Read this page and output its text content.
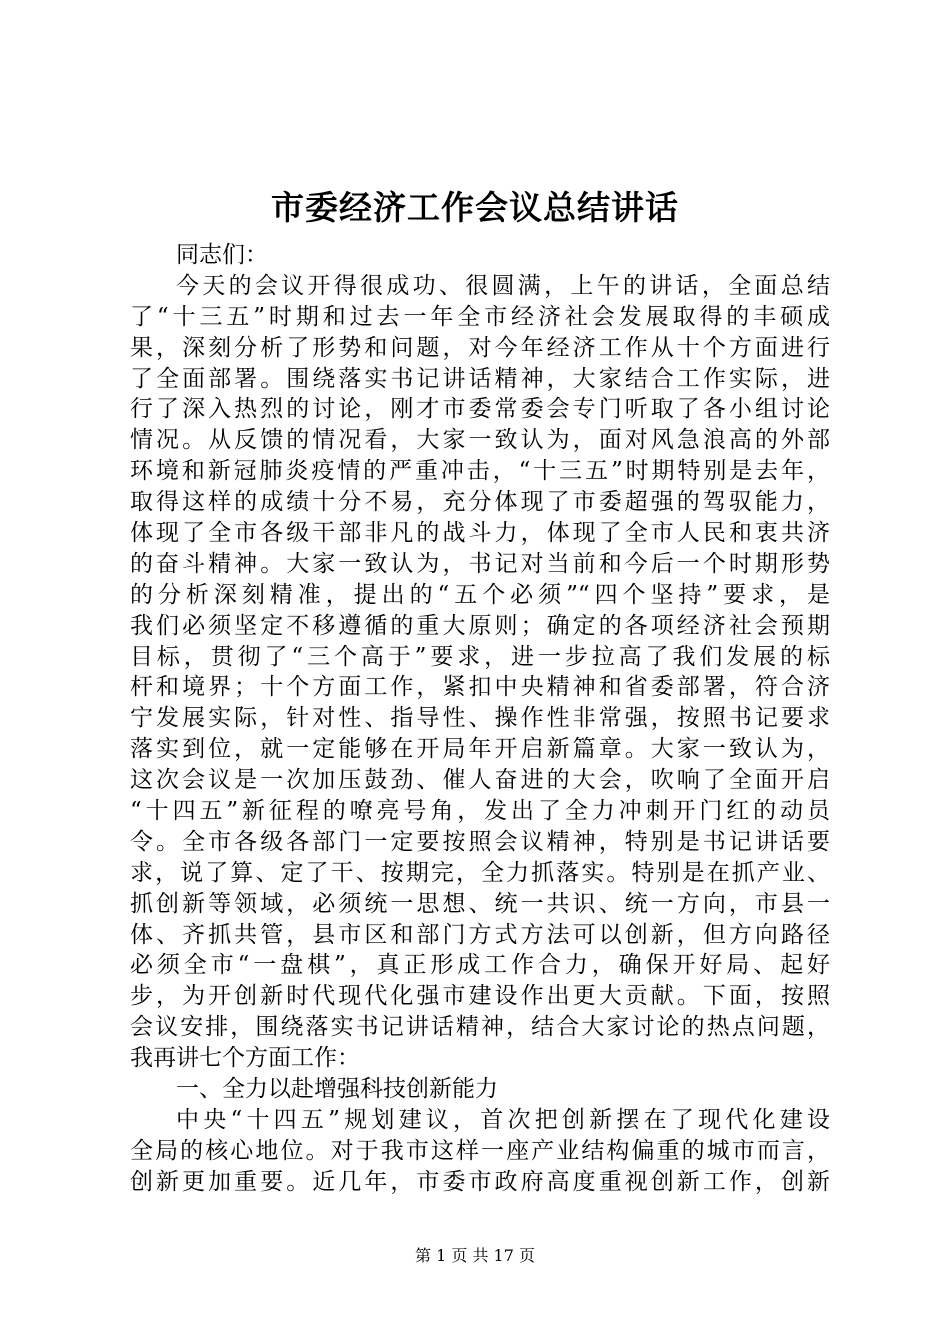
市委经济工作会议总结讲话
同志们：
今天的会议开得很成功、很圆满，上午的讲话，全面总结
了“十三五”时期和过去一年全市经济社会发展取得的丰硕成
果，深刻分析了形势和问题，对今年经济工作从十个方面进行
了全面部署。围绕落实书记讲话精神，大家结合工作实际，进
行了深入热烈的讨论，刚才市委常委会专门听取了各小组讨论
情况。从反馈的情况看，大家一致认为，面对风急浪高的外部
环境和新冠肺炎疫情的严重冲击，“十三五”时期特别是去年，
取得这样的成绩十分不易，充分体现了市委超强的驾驭能力，
体现了全市各级干部非凡的战斗力，体现了全市人民和衷共济
的奋斗精神。大家一致认为，书记对当前和今后一个时期形势
的分析深刻精准，提出的“五个必须”“四个坚持”要求，是
我们必须坚定不移遵循的重大原则；确定的各项经济社会预期
目标，贯彻了“三个高于”要求，进一步拉高了我们发展的标
杆和境界；十个方面工作，紧扣中央精神和省委部署，符合济
宁发展实际，针对性、指导性、操作性非常强，按照书记要求
落实到位，就一定能够在开局年开启新篇章。大家一致认为，
这次会议是一次加压鼓劲、催人奋进的大会，吹响了全面开启
“十四五”新征程的嘹亮号角，发出了全力冲刺开门红的动员
令。全市各级各部门一定要按照会议精神，特别是书记讲话要
求，说了算、定了干、按期完，全力抓落实。特别是在抓产业、
抓创新等领域，必须统一思想、统一共识、统一方向，市县一
体、齐抓共管，县市区和部门方式方法可以创新，但方向路径
必须全市“一盘棋”，真正形成工作合力，确保开好局、起好
步，为开创新时代现代化强市建设作出更大贡献。下面，按照
会议安排，围绕落实书记讲话精神，结合大家讨论的热点问题，
我再讲七个方面工作：
一、全力以赴增强科技创新能力
中央“十四五”规划建议，首次把创新摆在了现代化建设
全局的核心地位。对于我市这样一座产业结构偏重的城市而言，
创新更加重要。近几年，市委市政府高度重视创新工作，创新
第 1 页 共 17 页
